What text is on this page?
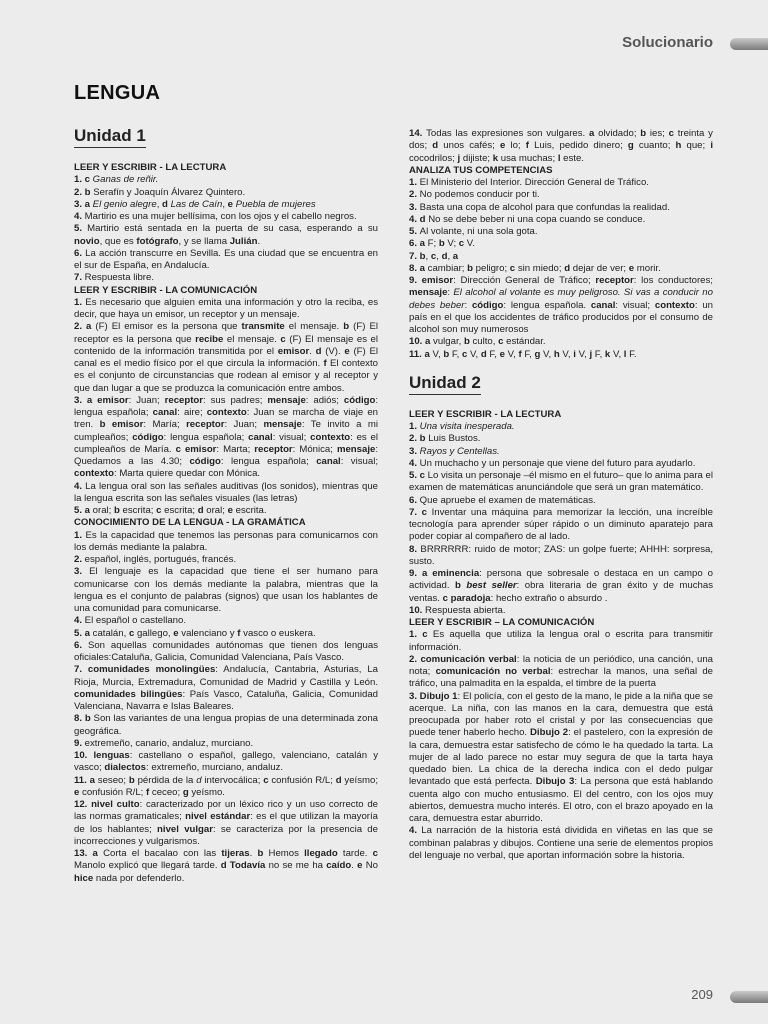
Solucionario
LENGUA
Unidad 1

LEER Y ESCRIBIR - LA LECTURA

1. c Ganas de reñir.

2. b Serafín y Joaquín Álvarez Quintero.

3. a El genio alegre, d Las de Caín, e Puebla de mujeres

4. Martirio es una mujer bellísima, con los ojos y el cabello negros.

5. Martirio está sentada en la puerta de su casa, esperando a su novio, que es fotógrafo, y se llama Julián.

6. La acción transcurre en Sevilla. Es una ciudad que se encuentra en el sur de España, en Andalucía.

7. Respuesta libre.

LEER Y ESCRIBIR - LA COMUNICACIÓN

1. Es necesario que alguien emita una información y otro la reciba, es decir, que haya un emisor, un receptor y un mensaje.

2. a (F) El emisor es la persona que transmite el mensaje. b (F) El receptor es la persona que recibe el mensaje. c (F) El mensaje es el contenido de la información transmitida por el emisor. d (V). e (F) El canal es el medio físico por el que circula la información. f El contexto es el conjunto de circunstancias que rodean al emisor y al receptor y que dan lugar a que se produzca la comunicación entre ambos.

3. a emisor: Juan; receptor: sus padres; mensaje: adiós; código: lengua española; canal: aire; contexto: Juan se marcha de viaje en tren. b emisor: María; receptor: Juan; mensaje: Te invito a mi cumpleaños; código: lengua española; canal: visual; contexto: es el cumpleaños de María. c emisor: Marta; receptor: Mónica; mensaje: Quedamos a las 4.30; código: lengua española; canal: visual; contexto: Marta quiere quedar con Mónica.

4. La lengua oral son las señales auditivas (los sonidos), mientras que la lengua escrita son las señales visuales (las letras)

5. a oral; b escrita; c escrita; d oral; e escrita.

CONOCIMIENTO DE LA LENGUA - LA GRAMÁTICA

1. Es la capacidad que tenemos las personas para comunicarnos con los demás mediante la palabra.

2. español, inglés, portugués, francés.

3. El lenguaje es la capacidad que tiene el ser humano para comunicarse con los demás mediante la palabra, mientras que la lengua es el conjunto de palabras (signos) que usan los hablantes de una comunidad para comunicarse.

4. El español o castellano.

5. a catalán, c gallego, e valenciano y f vasco o euskera.

6. Son aquellas comunidades autónomas que tienen dos lenguas oficiales:Cataluña, Galicia, Comunidad Valenciana, País Vasco.

7. comunidades monolingües: Andalucía, Cantabria, Asturias, La Rioja, Murcia, Extremadura, Comunidad de Madrid y Castilla y León. comunidades bilingües: País Vasco, Cataluña, Galicia, Comunidad Valenciana, Navarra e Islas Baleares.

8. b Son las variantes de una lengua propias de una determinada zona geográfica.

9. extremeño, canario, andaluz, murciano.

10. lenguas: castellano o español, gallego, valenciano, catalán y vasco; dialectos: extremeño, murciano, andaluz.

11. a seseo; b pérdida de la d intervocálica; c confusión R/L; d yeísmo; e confusión R/L; f ceceo; g yeísmo.

12. nivel culto: caracterizado por un léxico rico y un uso correcto de las normas gramaticales; nivel estándar: es el que utilizan la mayoría de los hablantes; nivel vulgar: se caracteriza por la presencia de incorrecciones y vulgarismos.

13. a Corta el bacalao con las tijeras. b Hemos llegado tarde. c Manolo explicó que llegará tarde. d Todavía no se me ha caído. e No hice nada por defenderlo.

14. Todas las expresiones son vulgares. a olvidado; b ies; c treinta y dos; d unos cafés; e lo; f Luis, pedido dinero; g cuanto; h que; i cocodrilos; j dijiste; k usa muchas; l este.

ANALIZA TUS COMPETENCIAS

1. El Ministerio del Interior. Dirección General de Tráfico.

2. No podemos conducir por ti.

3. Basta una copa de alcohol para que confundas la realidad.

4. d No se debe beber ni una copa cuando se conduce.

5. Al volante, ni una sola gota.

6. a F; b V; c V.

7. b, c, d, a

8. a cambiar; b peligro; c sin miedo; d dejar de ver; e morir.

9. emisor: Dirección General de Tráfico; receptor: los conductores; mensaje: El alcohol al volante es muy peligroso. Si vas a conducir no debes beber: código: lengua española. canal: visual; contexto: un país en el que los accidentes de tráfico producidos por el consumo de alcohol son muy numerosos

10. a vulgar, b culto, c estándar.

11. a V, b F, c V, d F, e V, f F, g V, h V, i V, j F, k V, l F.

Unidad 2

LEER Y ESCRIBIR - LA LECTURA

1. Una visita inesperada.

2. b Luis Bustos.

3. Rayos y Centellas.

4. Un muchacho y un personaje que viene del futuro para ayudarlo.

5. c Lo visita un personaje –él mismo en el futuro– que lo anima para el examen de matemáticas anunciándole que será un gran matemático.

6. Que apruebe el examen de matemáticas.

7. c Inventar una máquina para memorizar la lección, una increíble tecnología para aprender súper rápido o un diminuto aparatejo para poder copiar al compañero de al lado.

8. BRRRRRR: ruido de motor; ZAS: un golpe fuerte; AHHH: sorpresa, susto.

9. a eminencia: persona que sobresale o destaca en un campo o actividad. b best seller: obra literaria de gran éxito y de muchas ventas. c paradoja: hecho extraño o absurdo .

10. Respuesta abierta.

LEER Y ESCRIBIR – LA COMUNICACIÓN

1. c Es aquella que utiliza la lengua oral o escrita para transmitir información.

2. comunicación verbal: la noticia de un periódico, una canción, una nota; comunicación no verbal: estrechar la manos, una señal de tráfico, una palmadita en la espalda, el timbre de la puerta

3. Dibujo 1: El policía, con el gesto de la mano, le pide a la niña que se acerque. La niña, con las manos en la cara, demuestra que está preocupada por haber roto el cristal y por las consecuencias que puede tener haberlo hecho. Dibujo 2: el pastelero, con la expresión de la cara, demuestra estar satisfecho de cómo le ha quedado la tarta. La mujer de al lado parece no estar muy segura de que la tarta haya quedado bien. La chica de la derecha indica con el dedo pulgar levantado que está perfecta. Dibujo 3: La persona que está hablando cuenta algo con mucho entusiasmo. El del centro, con los ojos muy abiertos, demuestra mucho interés. El otro, con el brazo apoyado en la cara, demuestra estar aburrido.

4. La narración de la historia está dividida en viñetas en las que se combinan palabras y dibujos. Contiene una serie de elementos propios del lenguaje no verbal, que aportan información sobre la historia.

209
